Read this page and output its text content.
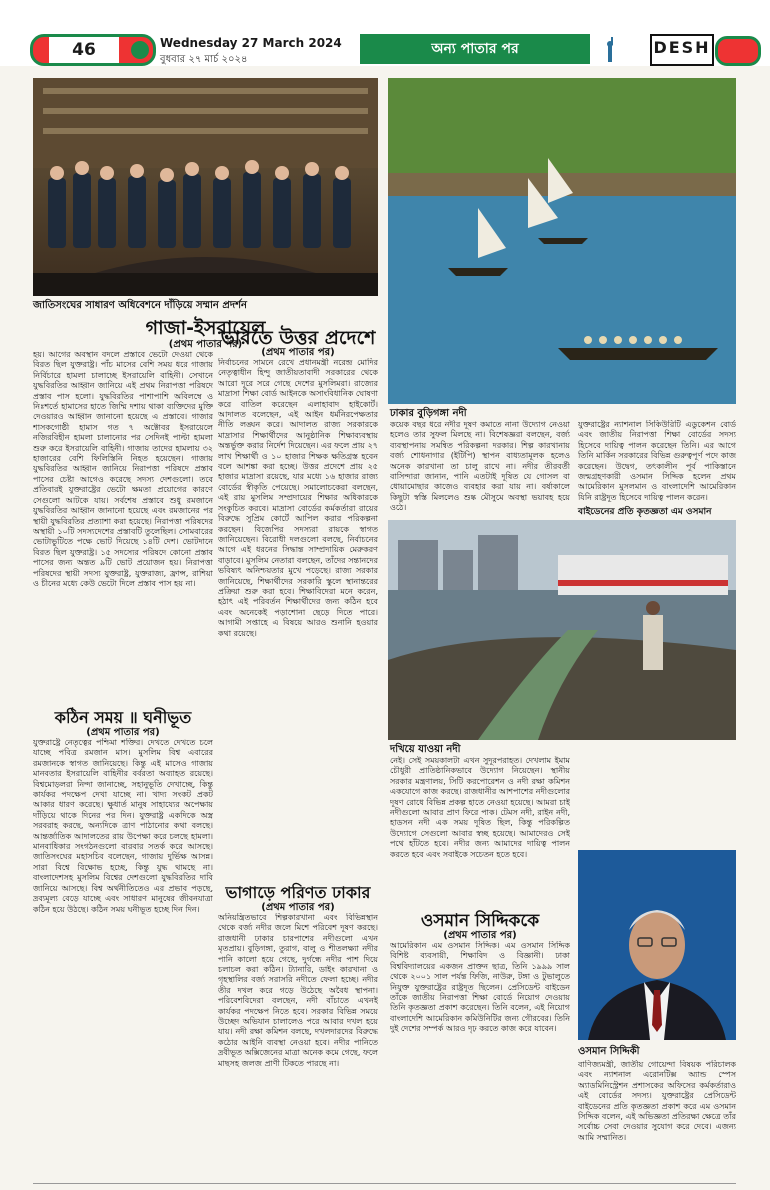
46	Wednesday 27 March 2024
বুধবার ২৭ মার্চ ২০২৪
অন্য পাতার পর	DESH
জাতিসংঘের সাধারণ অধিবেশনে দাঁড়িয়ে সম্মান প্রদর্শন
গাজা-ইসরায়েল
(প্রথম পাতার পর)
হয়। আগের অবস্থান বদলে প্রস্তাবে ভেটো দেওয়া থেকে বিরত ছিল যুক্তরাষ্ট্র। পাঁচ মাসের বেশি সময় ধরে গাজায় নির্বিচারে হামলা চালাচ্ছে ইসরায়েলি বাহিনী। সেখানে যুদ্ধবিরতির আহ্বান জানিয়ে এই প্রথম নিরাপত্তা পরিষদে প্রস্তাব পাস হলো। যুদ্ধবিরতির পাশাপাশি অবিলম্বে ও নিঃশর্তে হামাসের হাতে জিম্মি দশায় থাকা ব্যক্তিদের মুক্তি দেওয়ারও আহ্বান জানানো হয়েছে এ প্রস্তাবে। গাজার শাসকগোষ্ঠী হামাস গত ৭ অক্টোবর ইসরায়েলে নজিরবিহীন হামলা চালানোর পর সেদিনই পাল্টা হামলা শুরু করে ইসরায়েলি বাহিনী। গাজায় তাদের হামলায় ৩২ হাজারের বেশি ফিলিস্তিনি নিহত হয়েছেন। গাজায় যুদ্ধবিরতির আহ্বান জানিয়ে নিরাপত্তা পরিষদে প্রস্তাব পাসের চেষ্টা আগেও করেছে সদস্য দেশগুলো। তবে প্রতিবারই যুক্তরাষ্ট্রের ভেটো ক্ষমতা প্রয়োগের কারণে সেগুলো আটকে যায়। সর্বশেষ প্রস্তাবে শুধু রমজানে যুদ্ধবিরতির আহ্বান জানানো হয়েছে এবং রমজানের পর স্থায়ী যুদ্ধবিরতির প্রত্যাশা করা হয়েছে। নিরাপত্তা পরিষদের অস্থায়ী ১০টি সদস্যদেশের প্রস্তাবটি তুলেছিল। সোমবারের ভোটাভুটিতে পক্ষে ভোট দিয়েছে ১৪টি দেশ। ভোটদানে বিরত ছিল যুক্তরাষ্ট্র। ১৫ সদস্যের পরিষদে কোনো প্রস্তাব পাসের জন্য অন্তত ৯টি ভোট প্রয়োজন হয়। নিরাপত্তা পরিষদের স্থায়ী সদস্য যুক্তরাষ্ট্র, যুক্তরাজ্য, ফ্রান্স, রাশিয়া ও চীনের মধ্যে কেউ ভেটো দিলে প্রস্তাব পাস হয় না।
কঠিন সময় ॥ ঘনীভূত
(প্রথম পাতার পর)
যুক্তরাষ্ট্রে নেতৃত্বের পশ্চিমা শক্তির। দেখতে দেখতে চলে যাচ্ছে পবিত্র রমজান মাস। মুসলিম বিশ্ব এবারের রমজানকে স্বাগত জানিয়েছে। কিন্তু এই মাসেও গাজায় মানবতার ইসরায়েলি বাহিনীর বর্বরতা অব্যাহত রয়েছে। বিশ্বমোড়লরা নিন্দা জানাচ্ছে, সহানুভূতি দেখাচ্ছে, কিন্তু কার্যকর পদক্ষেপ দেখা যাচ্ছে না। খাদ্য সংকট প্রকট আকার ধারণ করেছে। ক্ষুধার্ত মানুষ সাহায্যের অপেক্ষায় দাঁড়িয়ে থাকে দিনের পর দিন। যুক্তরাষ্ট্র একদিকে অস্ত্র সরবরাহ করছে, অন্যদিকে ত্রাণ পাঠানোর কথা বলছে। আন্তর্জাতিক আদালতের রায় উপেক্ষা করে চলছে হামলা। মানবাধিকার সংগঠনগুলো বারবার সতর্ক করে আসছে। জাতিসংঘের মহাসচিব বলেছেন, গাজায় দুর্ভিক্ষ আসন্ন। সারা বিশ্বে বিক্ষোভ হচ্ছে, কিন্তু যুদ্ধ থামছে না। বাংলাদেশসহ মুসলিম বিশ্বের দেশগুলো যুদ্ধবিরতির দাবি জানিয়ে আসছে। বিশ্ব অর্থনীতিতেও এর প্রভাব পড়ছে, দ্রব্যমূল্য বেড়ে যাচ্ছে এবং সাধারণ মানুষের জীবনযাত্রা কঠিন হয়ে উঠছে। কঠিন সময় ঘনীভূত হচ্ছে দিন দিন।
ভারতে উত্তর প্রদেশে
(প্রথম পাতার পর)
নির্বাচনের সামনে রেখে প্রধানমন্ত্রী নরেন্দ্র মোদির নেতৃত্বাধীন হিন্দু জাতীয়তাবাদী সরকারের থেকে আরো দূরে সরে গেছে দেশের মুসলিমরা। রাজ্যের মাদ্রাসা শিক্ষা বোর্ড আইনকে অসাংবিধানিক ঘোষণা করে বাতিল করেছেন এলাহাবাদ হাইকোর্ট। আদালত বলেছেন, এই আইন ধর্মনিরপেক্ষতার নীতি লঙ্ঘন করে। আদালত রাজ্য সরকারকে মাদ্রাসার শিক্ষার্থীদের আনুষ্ঠানিক শিক্ষাব্যবস্থায় অন্তর্ভুক্ত করার নির্দেশ দিয়েছেন। এর ফলে প্রায় ২৭ লাখ শিক্ষার্থী ও ১০ হাজার শিক্ষক ক্ষতিগ্রস্ত হবেন বলে আশঙ্কা করা হচ্ছে। উত্তর প্রদেশে প্রায় ২৫ হাজার মাদ্রাসা রয়েছে, যার মধ্যে ১৬ হাজার রাজ্য বোর্ডের স্বীকৃতি পেয়েছে। সমালোচকেরা বলছেন, এই রায় মুসলিম সম্প্রদায়ের শিক্ষার অধিকারকে সংকুচিত করবে। মাদ্রাসা বোর্ডের কর্মকর্তারা রায়ের বিরুদ্ধে সুপ্রিম কোর্টে আপিল করার পরিকল্পনা করছেন। বিজেপির সদস্যরা রায়কে স্বাগত জানিয়েছেন। বিরোধী দলগুলো বলছে, নির্বাচনের আগে এই ধরনের সিদ্ধান্ত সাম্প্রদায়িক মেরুকরণ বাড়াবে। মুসলিম নেতারা বলছেন, তাঁদের সন্তানদের ভবিষ্যৎ অনিশ্চয়তার মুখে পড়েছে। রাজ্য সরকার জানিয়েছে, শিক্ষার্থীদের সরকারি স্কুলে স্থানান্তরের প্রক্রিয়া শুরু করা হবে। শিক্ষাবিদেরা মনে করেন, হঠাৎ এই পরিবর্তন শিক্ষার্থীদের জন্য কঠিন হবে এবং অনেকেই পড়াশোনা ছেড়ে দিতে পারে। আগামী সপ্তাহে এ বিষয়ে আরও শুনানি হওয়ার কথা রয়েছে।
ভাগাড়ে পরিণত ঢাকার
(প্রথম পাতার পর)
অনিয়ন্ত্রিতভাবে শিল্পকারখানা এবং বিভিন্নস্থান থেকে বর্জ্য নদীর জলে মিশে পরিবেশ দূষণ করছে। রাজধানী ঢাকার চারপাশের নদীগুলো এখন মৃতপ্রায়। বুড়িগঙ্গা, তুরাগ, বালু ও শীতলক্ষ্যা নদীর পানি কালো হয়ে গেছে, দুর্গন্ধে নদীর পাশ দিয়ে চলাচল করা কঠিন। ট্যানারি, ডাইং কারখানা ও গৃহস্থালির বর্জ্য সরাসরি নদীতে ফেলা হচ্ছে। নদীর তীর দখল করে গড়ে উঠেছে অবৈধ স্থাপনা। পরিবেশবিদেরা বলছেন, নদী বাঁচাতে এখনই কার্যকর পদক্ষেপ নিতে হবে। সরকার বিভিন্ন সময়ে উচ্ছেদ অভিযান চালালেও পরে আবার দখল হয়ে যায়। নদী রক্ষা কমিশন বলছে, দখলদারদের বিরুদ্ধে কঠোর আইনি ব্যবস্থা নেওয়া হবে। নদীর পানিতে দ্রবীভূত অক্সিজেনের মাত্রা অনেক কমে গেছে, ফলে মাছসহ জলজ প্রাণী টিকতে পারছে না।
ঢাকার বুড়িগঙ্গা নদী
কয়েক বছর ধরে নদীর দূষণ কমাতে নানা উদ্যোগ নেওয়া হলেও তার সুফল মিলছে না। বিশেষজ্ঞরা বলছেন, বর্জ্য ব্যবস্থাপনায় সমন্বিত পরিকল্পনা দরকার। শিল্প কারখানায় বর্জ্য শোধনাগার (ইটিপি) স্থাপন বাধ্যতামূলক হলেও অনেক কারখানা তা চালু রাখে না। নদীর তীরবর্তী বাসিন্দারা জানান, পানি এতটাই দূষিত যে গোসল বা ধোয়ামোছার কাজেও ব্যবহার করা যায় না। বর্ষাকালে কিছুটা স্বস্তি মিললেও শুষ্ক মৌসুমে অবস্থা ভয়াবহ হয়ে ওঠে।
যুক্তরাষ্ট্রের ন্যাশনাল সিকিউরিটি এডুকেশন বোর্ড এবং জাতীয় নিরাপত্তা শিক্ষা বোর্ডের সদস্য হিসেবে দায়িত্ব পালন করেছেন তিনি। এর আগে তিনি মার্কিন সরকারের বিভিন্ন গুরুত্বপূর্ণ পদে কাজ করেছেন। উদ্বেগ, তৎকালীন পূর্ব পাকিস্তানে জন্মগ্রহণকারী ওসমান সিদ্দিক হলেন প্রথম আমেরিকান মুসলমান ও বাংলাদেশি আমেরিকান যিনি রাষ্ট্রদূত হিসেবে দায়িত্ব পালন করেন।
বাইডেনের প্রতি কৃতজ্ঞতা এম ওসমান
দখিয়ে যাওয়া নদী
নেই। সেই সময়কালটা এখন সুদূরপরাহত। দেখলাম ইমাম চৌধুরী প্রাতিষ্ঠানিকভাবে উদ্যোগ নিয়েছেন। স্থানীয় সরকার মন্ত্রণালয়, সিটি করপোরেশন ও নদী রক্ষা কমিশন একযোগে কাজ করছে। রাজধানীর আশপাশের নদীগুলোর দূষণ রোধে বিভিন্ন প্রকল্প হাতে নেওয়া হয়েছে। আমরা চাই নদীগুলো আবার প্রাণ ফিরে পাক। টেমস নদী, রাইন নদী, হাডসন নদী এক সময় দূষিত ছিল, কিন্তু পরিকল্পিত উদ্যোগে সেগুলো আবার স্বচ্ছ হয়েছে। আমাদেরও সেই পথে হাঁটতে হবে। নদীর জন্য আমাদের দায়িত্ব পালন করতে হবে এবং সবাইকে সচেতন হতে হবে।
ওসমান সিদ্দিককে
(প্রথম পাতার পর)
আমেরিকান এম ওসমান সিদ্দিক। এম ওসমান সিদ্দিক বিশিষ্ট ব্যবসায়ী, শিক্ষাবিদ ও বিজ্ঞানী। ঢাকা বিশ্ববিদ্যালয়ের একজন প্রাক্তন ছাত্র, তিনি ১৯৯৯ সাল থেকে ২০০১ সাল পর্যন্ত ফিজি, নাউরু, টঙ্গা ও টুভালুতে নিযুক্ত যুক্তরাষ্ট্রের রাষ্ট্রদূত ছিলেন। প্রেসিডেন্ট বাইডেন তাঁকে জাতীয় নিরাপত্তা শিক্ষা বোর্ডে নিয়োগ দেওয়ায় তিনি কৃতজ্ঞতা প্রকাশ করেছেন। তিনি বলেন, এই নিয়োগ বাংলাদেশি আমেরিকান কমিউনিটির জন্য গৌরবের। তিনি দুই দেশের সম্পর্ক আরও দৃঢ় করতে কাজ করে যাবেন।
ওসমান সিদ্দিকী
বাণিজ্যমন্ত্রী, জাতীয় গোয়েন্দা বিষয়ক পরিচালক এবং ন্যাশনাল এরোনটিক্স অ্যান্ড স্পেস অ্যাডমিনিস্ট্রেশন প্রশাসকের অফিসের কর্মকর্তারাও এই বোর্ডের সদস্য। যুক্তরাষ্ট্রের প্রেসিডেন্ট বাইডেনের প্রতি কৃতজ্ঞতা প্রকাশ করে এম ওসমান সিদ্দিক বলেন, এই অভিজ্ঞতা প্রতিরক্ষা ক্ষেত্রে তাঁর সর্বোচ্চ সেবা দেওয়ার সুযোগ করে দেবে। এজন্য আমি সম্মানিত।
